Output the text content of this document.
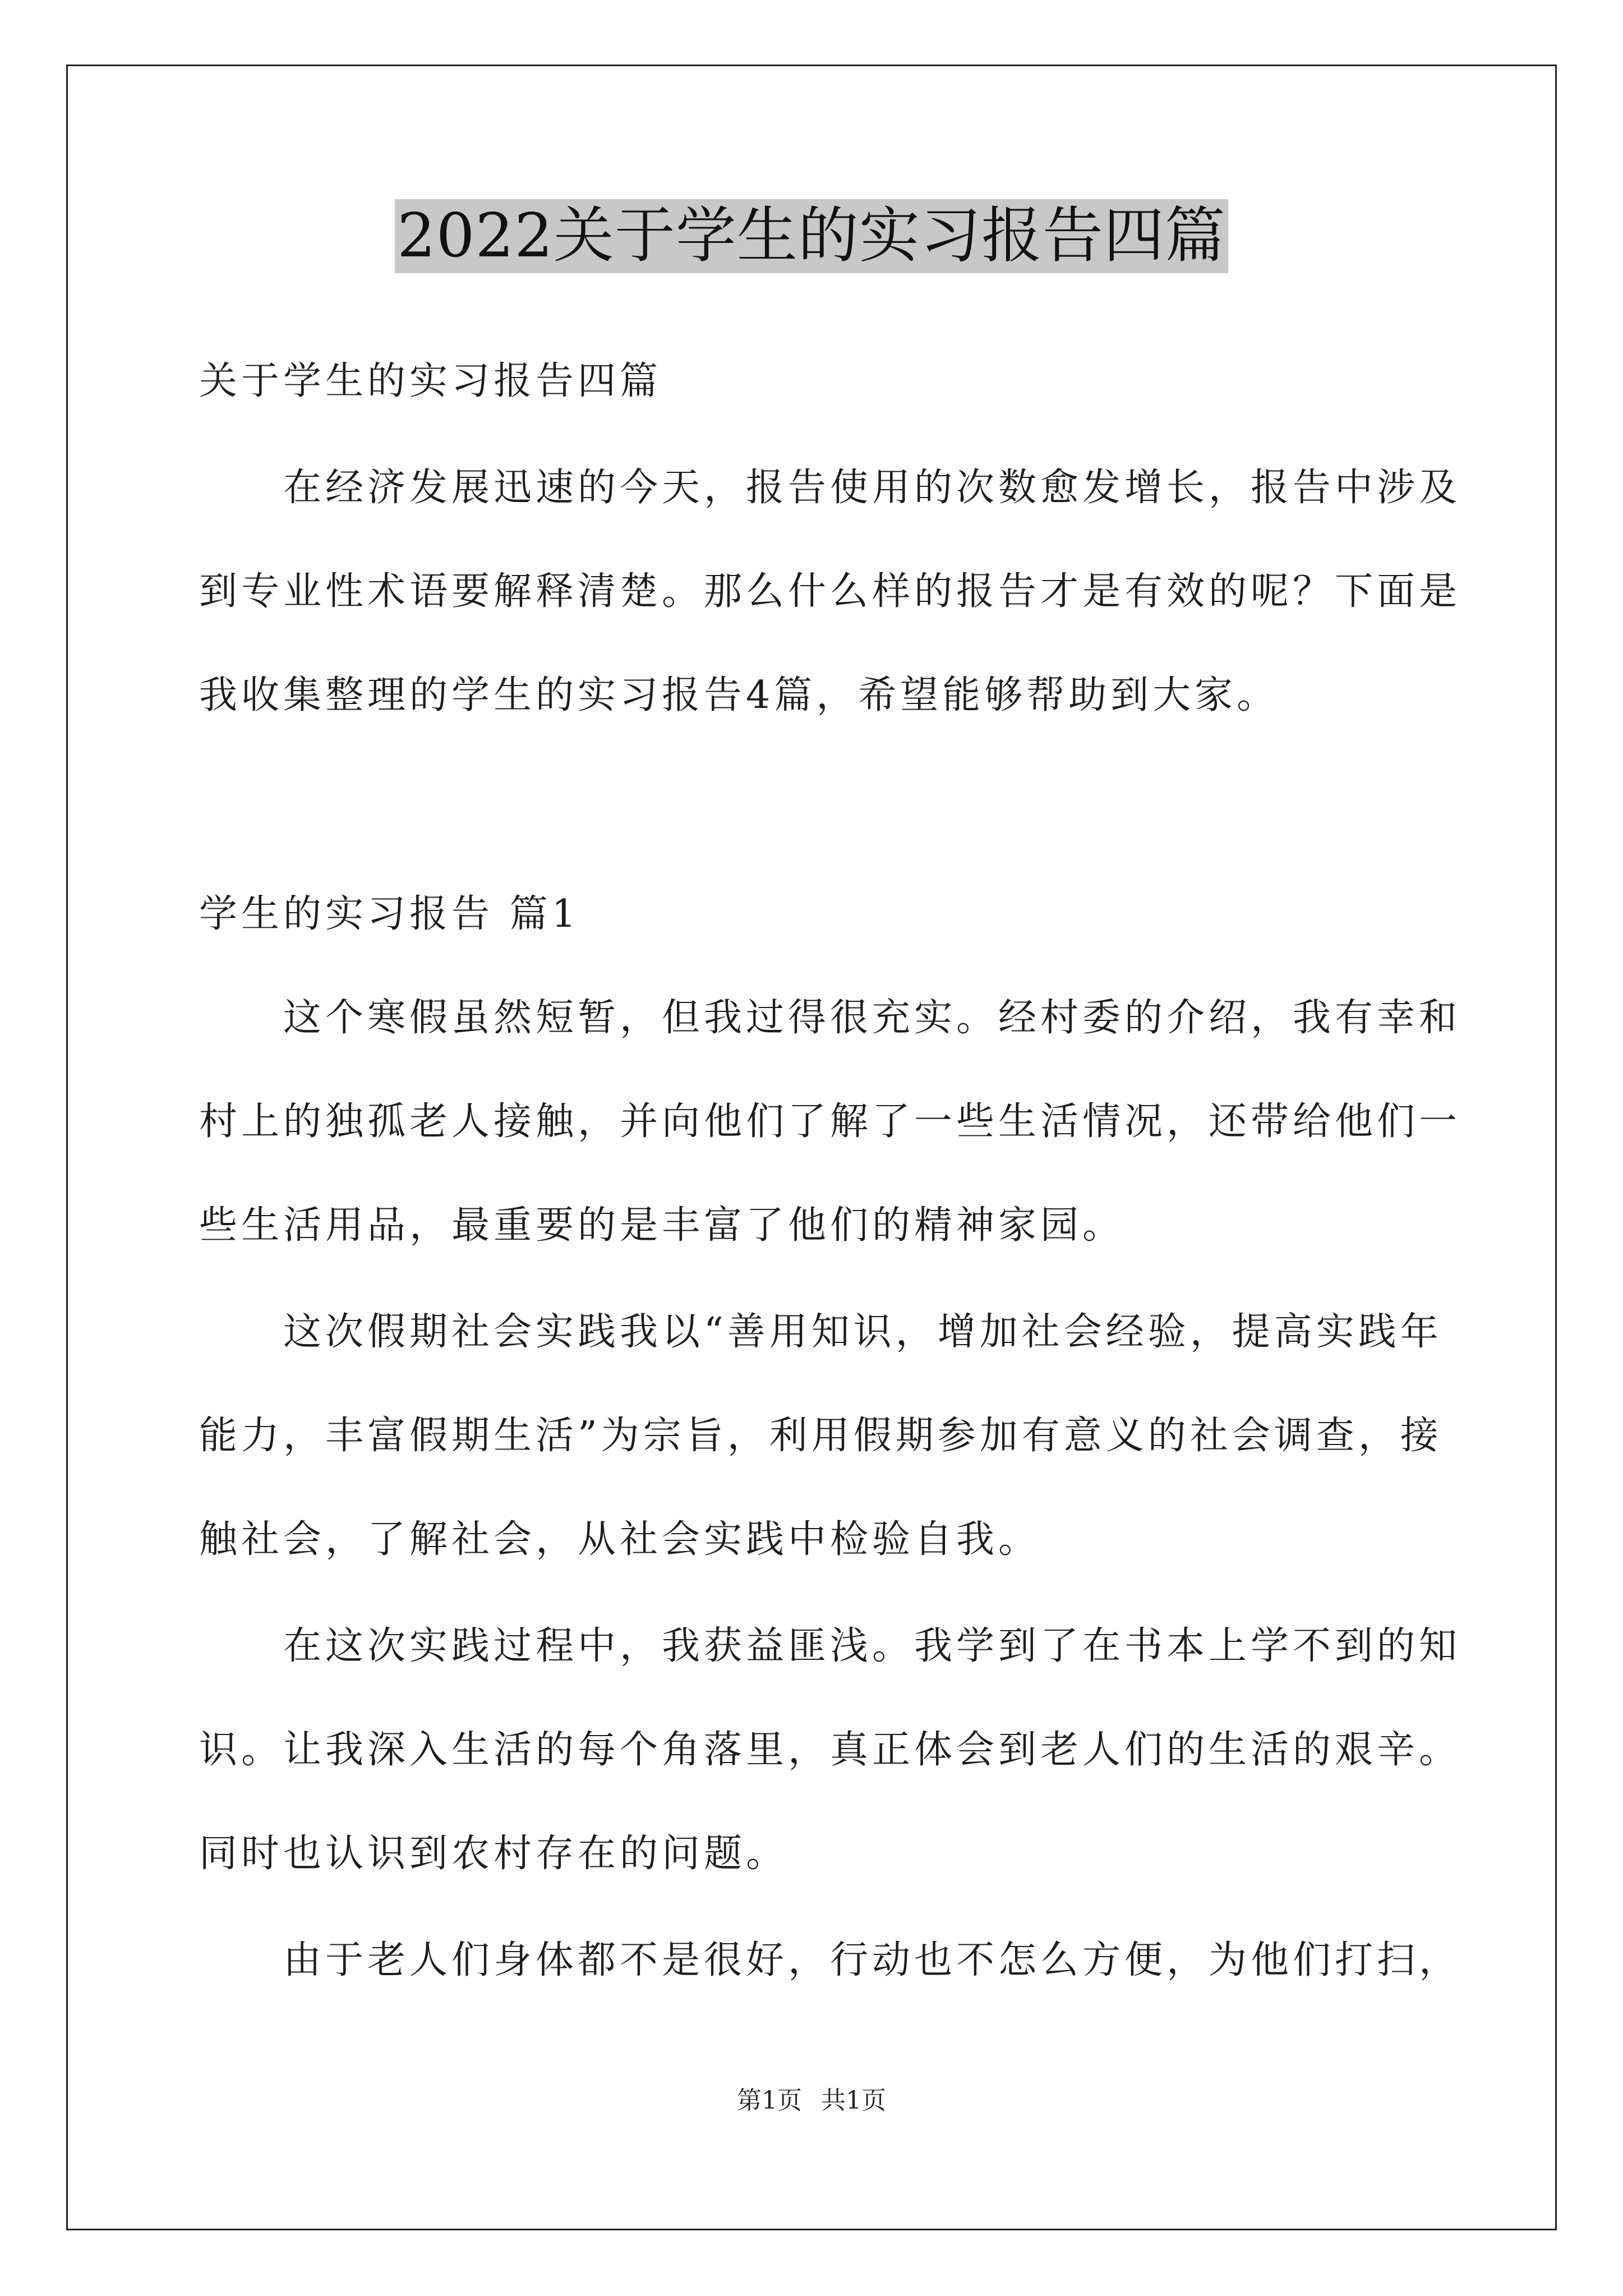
2022关于学生的实习报告四篇
关于学生的实习报告四篇
　　在经济发展迅速的今天，报告使用的次数愈发增长，报告中涉及
到专业性术语要解释清楚。那么什么样的报告才是有效的呢？下面是
我收集整理的学生的实习报告4篇，希望能够帮助到大家。
学生的实习报告 篇1
　　这个寒假虽然短暂，但我过得很充实。经村委的介绍，我有幸和
村上的独孤老人接触，并向他们了解了一些生活情况，还带给他们一
些生活用品，最重要的是丰富了他们的精神家园。
　　这次假期社会实践我以“善用知识，增加社会经验，提高实践年
能力，丰富假期生活”为宗旨，利用假期参加有意义的社会调查，接
触社会，了解社会，从社会实践中检验自我。
　　在这次实践过程中，我获益匪浅。我学到了在书本上学不到的知
识。让我深入生活的每个角落里，真正体会到老人们的生活的艰辛。
同时也认识到农村存在的问题。
　　由于老人们身体都不是很好，行动也不怎么方便，为他们打扫，
第1页 共1页
